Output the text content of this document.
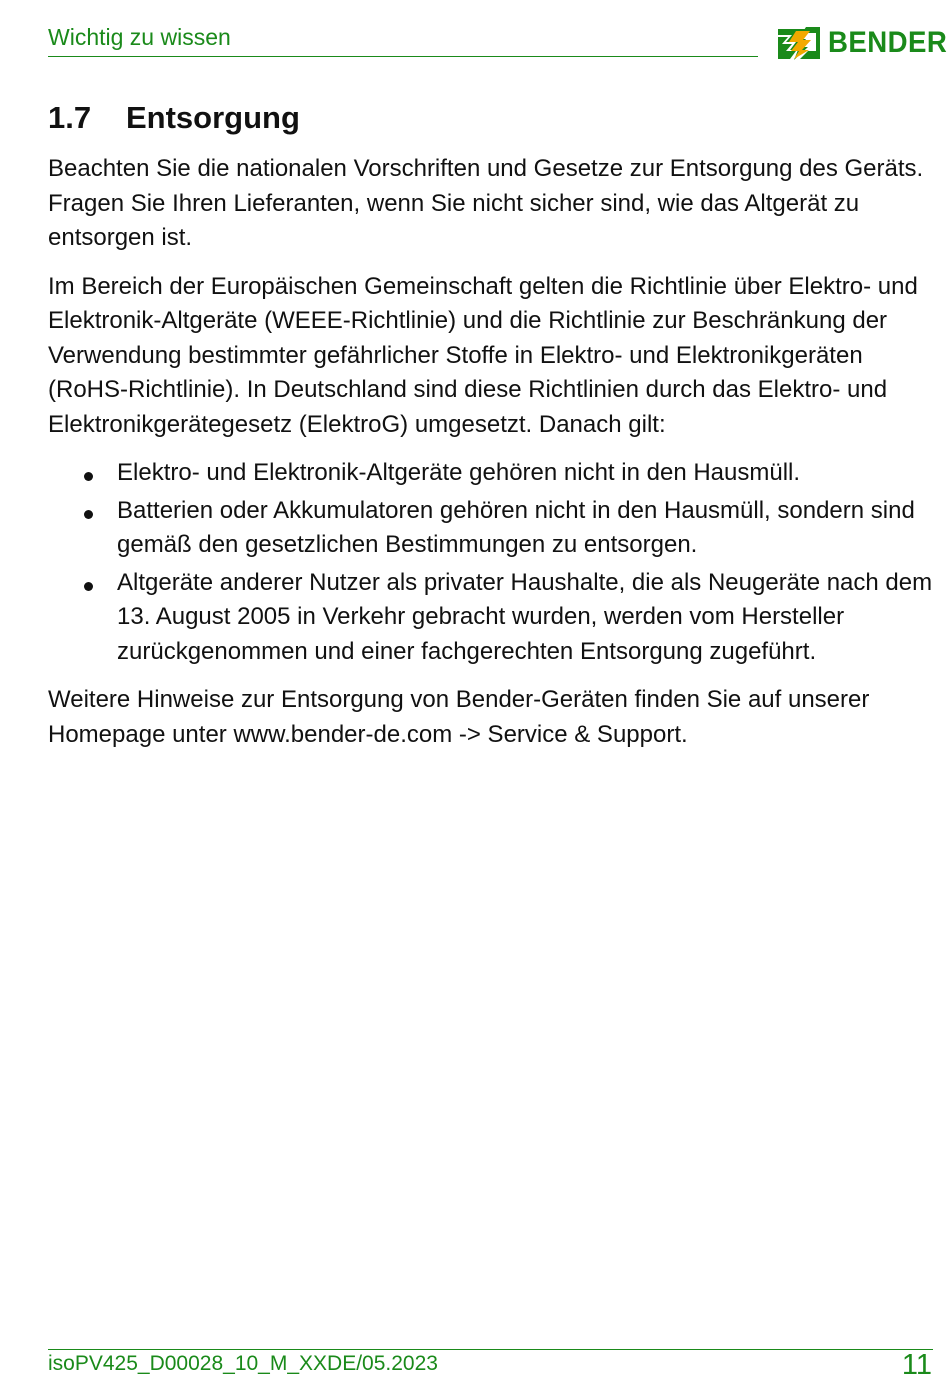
Wichtig zu wissen	BENDER
1.7 Entsorgung

Beachten Sie die nationalen Vorschriften und Gesetze zur Entsorgung des Geräts. Fragen Sie Ihren Lieferanten, wenn Sie nicht sicher sind, wie das Altgerät zu entsorgen ist.

Im Bereich der Europäischen Gemeinschaft gelten die Richtlinie über Elektro- und Elektronik-Altgeräte (WEEE-Richtlinie) und die Richtlinie zur Beschränkung der Verwendung bestimmter gefährlicher Stoffe in Elektro- und Elektronikgeräten (RoHS-Richtlinie). In Deutschland sind diese Richtlinien durch das Elektro- und Elektronikgerätegesetz (ElektroG) umgesetzt. Danach gilt:

Elektro- und Elektronik-Altgeräte gehören nicht in den Hausmüll.
Batterien oder Akkumulatoren gehören nicht in den Hausmüll, sondern sind gemäß den gesetzlichen Bestimmungen zu entsorgen.
Altgeräte anderer Nutzer als privater Haushalte, die als Neugeräte nach dem 13. August 2005 in Verkehr gebracht wurden, werden vom Hersteller zurückgenommen und einer fachgerechten Entsorgung zugeführt.

Weitere Hinweise zur Entsorgung von Bender-Geräten finden Sie auf unserer Homepage unter www.bender-de.com -> Service & Support.

isoPV425_D00028_10_M_XXDE/05.2023	11
